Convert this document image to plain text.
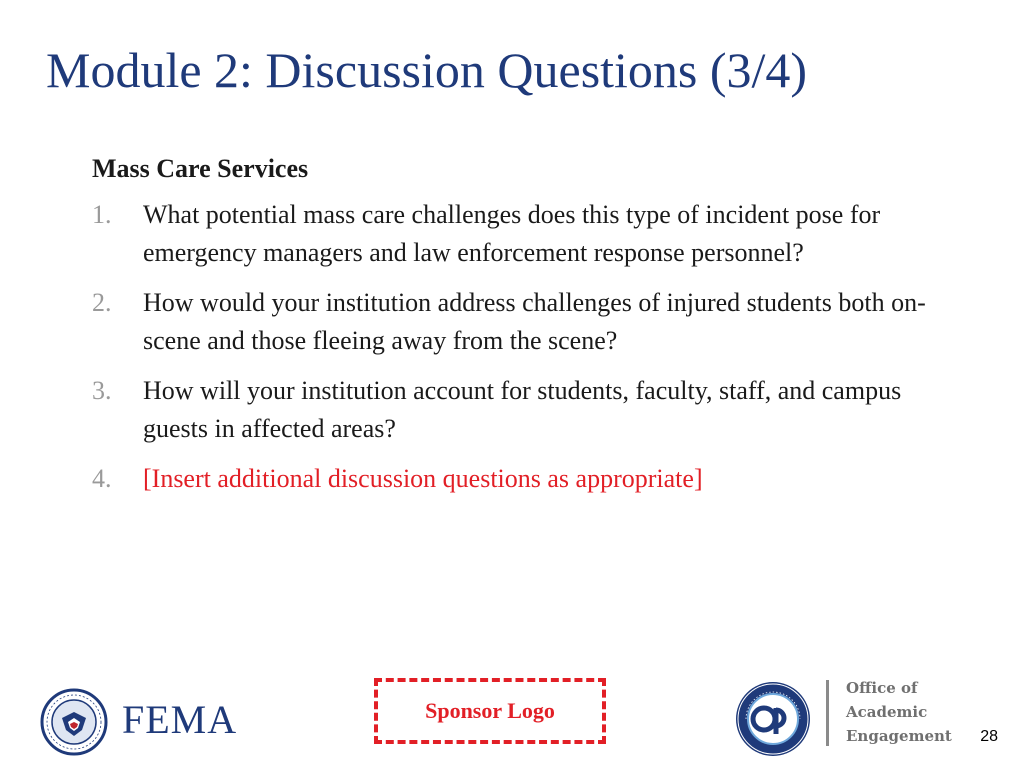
Module 2: Discussion Questions (3/4)
Mass Care Services
1.	What potential mass care challenges does this type of incident pose for emergency managers and law enforcement response personnel?
2.	How would your institution address challenges of injured students both on-scene and those fleeing away from the scene?
3.	How will your institution account for students, faculty, staff, and campus guests in affected areas?
4.	[Insert additional discussion questions as appropriate]
FEMA	Sponsor Logo
Office of
Academic
Engagement 28
